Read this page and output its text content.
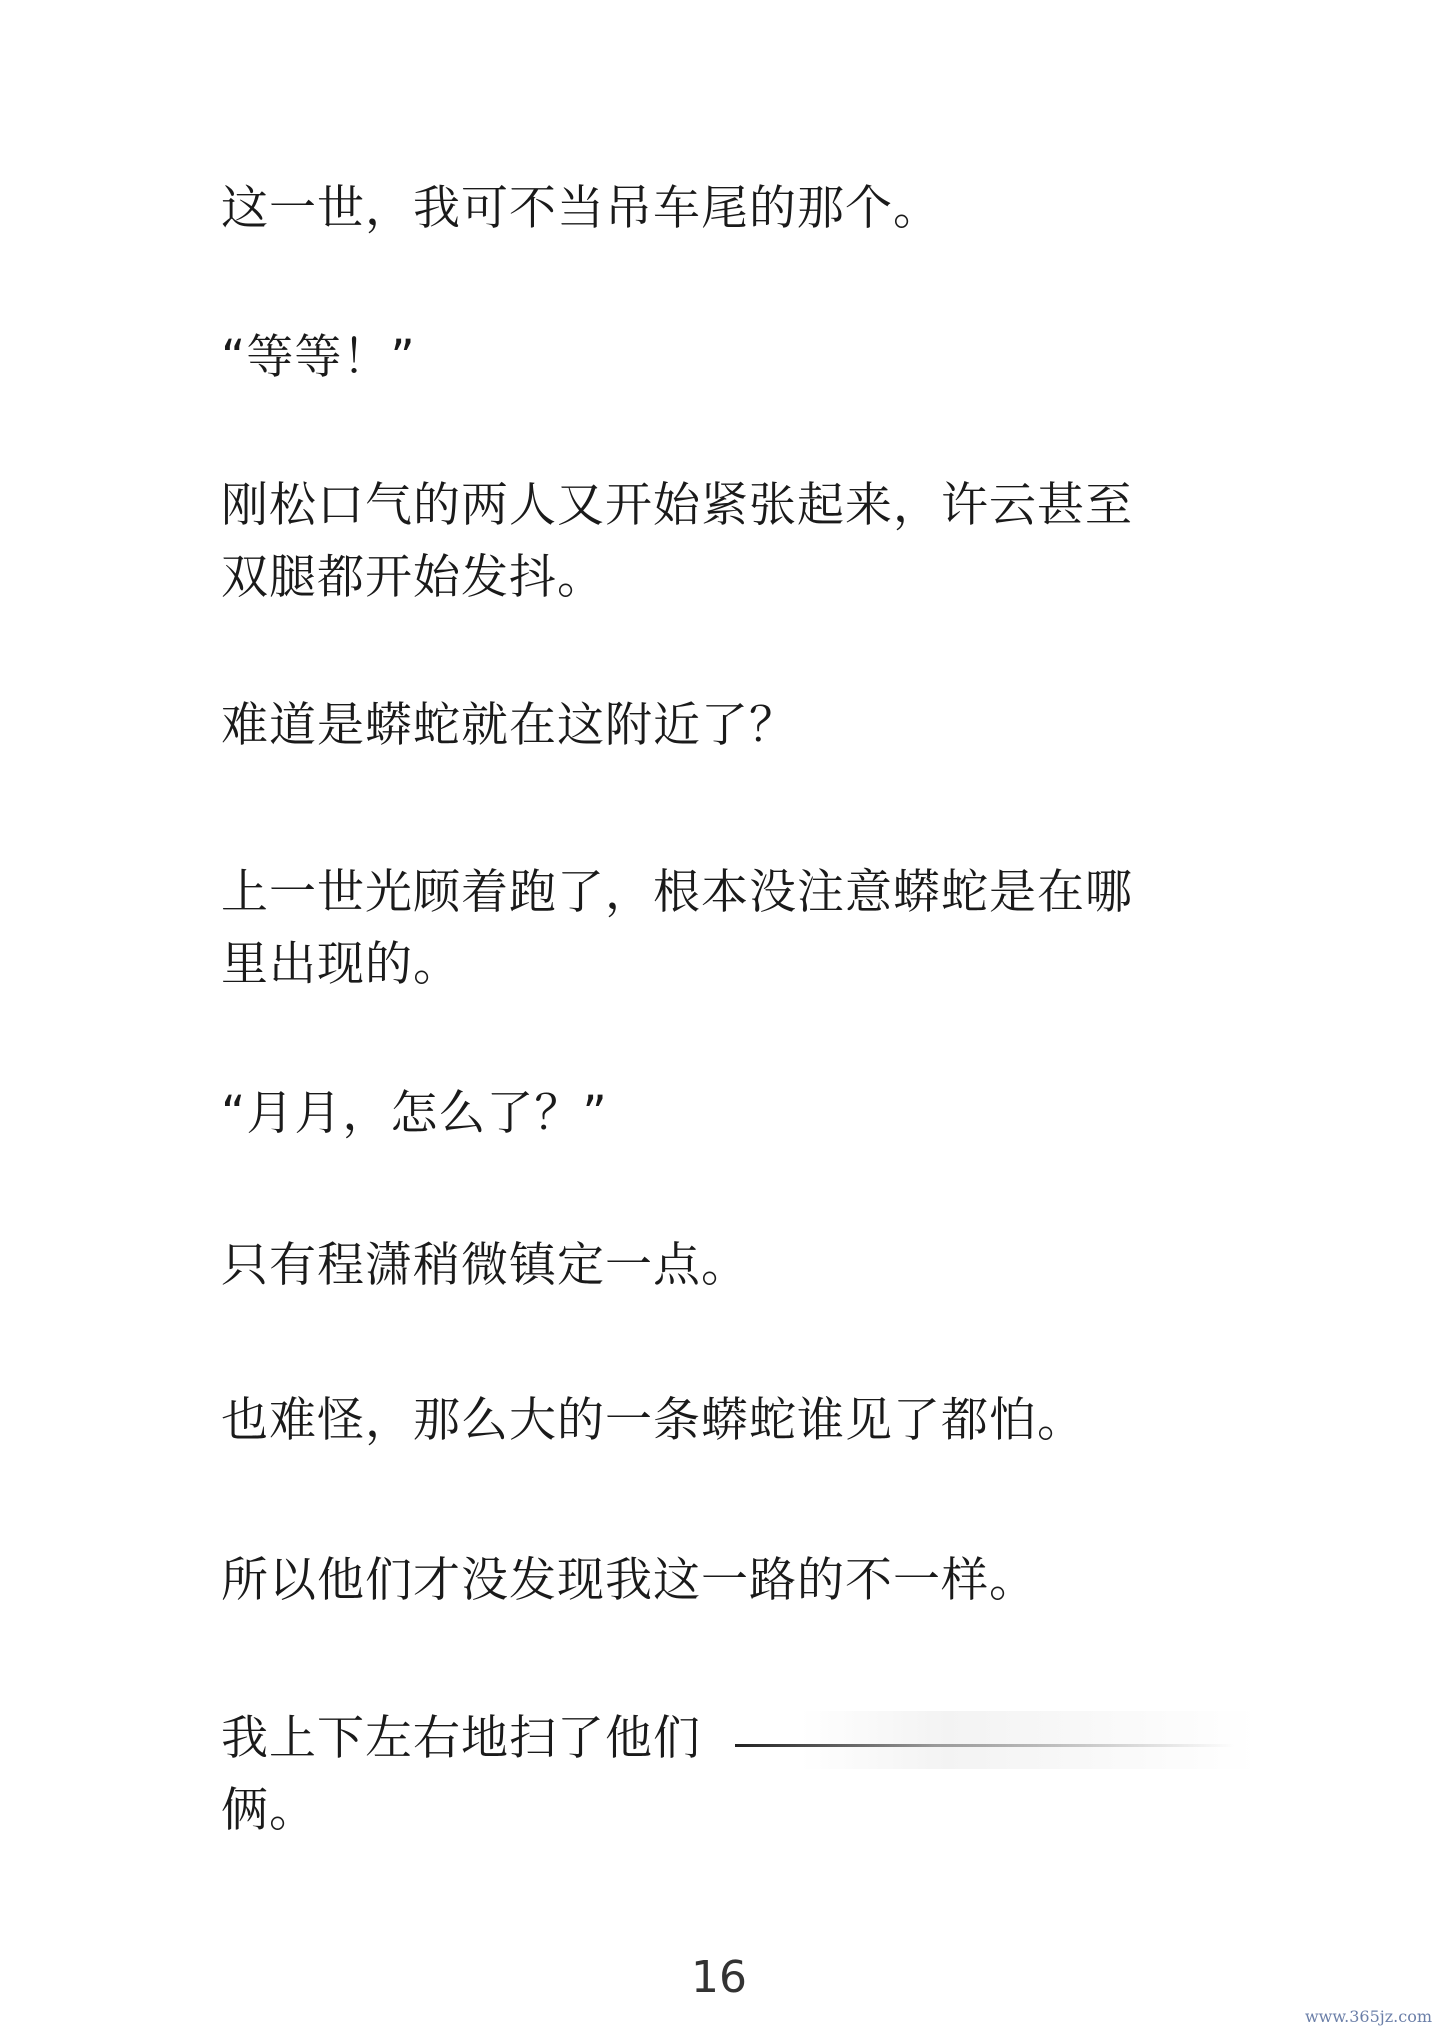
这一世，我可不当吊车尾的那个。
“等等！”
刚松口气的两人又开始紧张起来，许云甚至
双腿都开始发抖。
难道是蟒蛇就在这附近了？
上一世光顾着跑了，根本没注意蟒蛇是在哪
里出现的。
“月月，怎么了？”
只有程潇稍微镇定一点。
也难怪，那么大的一条蟒蛇谁见了都怕。
所以他们才没发现我这一路的不一样。
我上下左右地扫了他们
俩。
16
www.365jz.com
